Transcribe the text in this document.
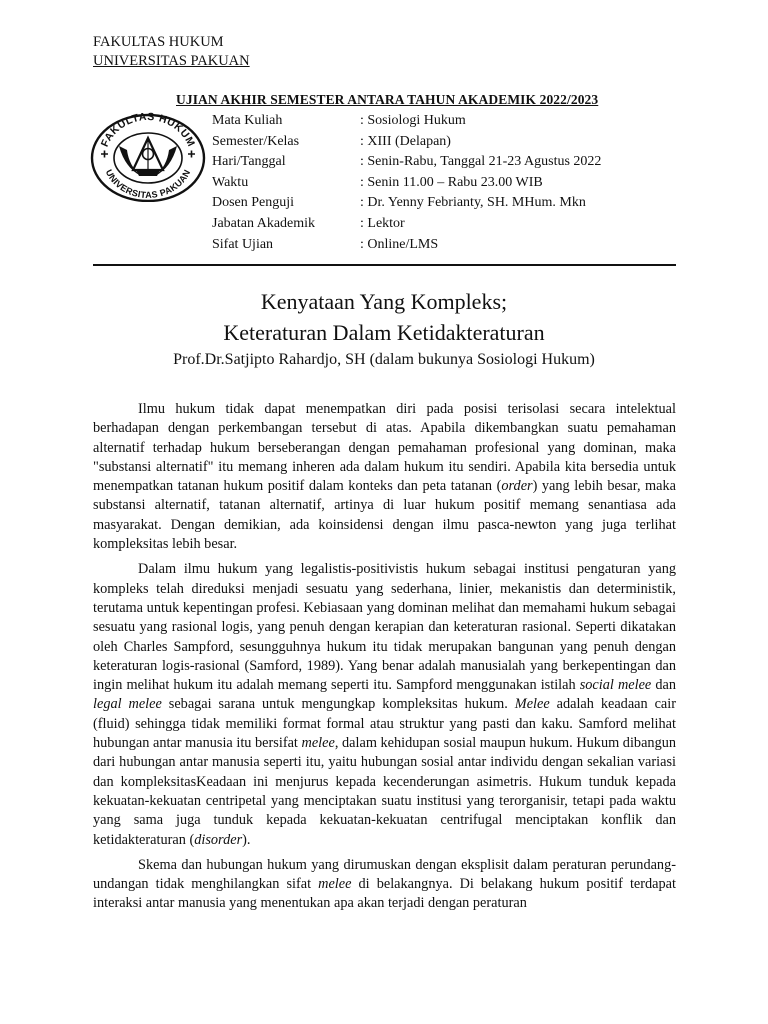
FAKULTAS HUKUM
UNIVERSITAS PAKUAN
UJIAN AKHIR SEMESTER ANTARA TAHUN AKADEMIK 2022/2023
FAKULTAS HUKUM
UNIVERSITAS PAKUAN
Mata Kuliah	: Sosiologi Hukum
Semester/Kelas	: XIII (Delapan)
Hari/Tanggal	: Senin-Rabu, Tanggal 21-23 Agustus 2022
Waktu	: Senin 11.00 – Rabu 23.00 WIB
Dosen Penguji	: Dr. Yenny Febrianty, SH. MHum. Mkn
Jabatan Akademik	: Lektor
Sifat Ujian	: Online/LMS
Kenyataan Yang Kompleks;
Keteraturan Dalam Ketidakteraturan
Prof.Dr.Satjipto Rahardjo, SH (dalam bukunya Sosiologi Hukum)

Ilmu hukum tidak dapat menempatkan diri pada posisi terisolasi secara intelektual berhadapan dengan perkembangan tersebut di atas. Apabila dikembangkan suatu pemahaman alternatif terhadap hukum berseberangan dengan pemahaman profesional yang dominan, maka "substansi alternatif" itu memang inheren ada dalam hukum itu sendiri. Apabila kita bersedia untuk menempatkan tatanan hukum positif dalam konteks dan peta tatanan (order) yang lebih besar, maka substansi alternatif, tatanan alternatif, artinya di luar hukum positif memang senantiasa ada masyarakat. Dengan demikian, ada koinsidensi dengan ilmu pasca-newton yang juga terlihat kompleksitas lebih besar.

Dalam ilmu hukum yang legalistis-positivistis hukum sebagai institusi pengaturan yang kompleks telah direduksi menjadi sesuatu yang sederhana, linier, mekanistis dan deterministik, terutama untuk kepentingan profesi. Kebiasaan yang dominan melihat dan memahami hukum sebagai sesuatu yang rasional logis, yang penuh dengan kerapian dan keteraturan rasional. Seperti dikatakan oleh Charles Sampford, sesungguhnya hukum itu tidak merupakan bangunan yang penuh dengan keteraturan logis-rasional (Samford, 1989). Yang benar adalah manusialah yang berkepentingan dan ingin melihat hukum itu adalah memang seperti itu. Sampford menggunakan istilah social melee dan legal melee sebagai sarana untuk mengungkap kompleksitas hukum. Melee adalah keadaan cair (fluid) sehingga tidak memiliki format formal atau struktur yang pasti dan kaku. Samford melihat hubungan antar manusia itu bersifat melee, dalam kehidupan sosial maupun hukum. Hukum dibangun dari hubungan antar manusia seperti itu, yaitu hubungan sosial antar individu dengan sekalian variasi dan kompleksitasKeadaan ini menjurus kepada kecenderungan asimetris. Hukum tunduk kepada kekuatan-kekuatan centripetal yang menciptakan suatu institusi yang terorganisir, tetapi pada waktu yang sama juga tunduk kepada kekuatan-kekuatan centrifugal menciptakan konflik dan ketidakteraturan (disorder).

Skema dan hubungan hukum yang dirumuskan dengan eksplisit dalam peraturan perundang-undangan tidak menghilangkan sifat melee di belakangnya. Di belakang hukum positif terdapat interaksi antar manusia yang menentukan apa akan terjadi dengan peraturan
